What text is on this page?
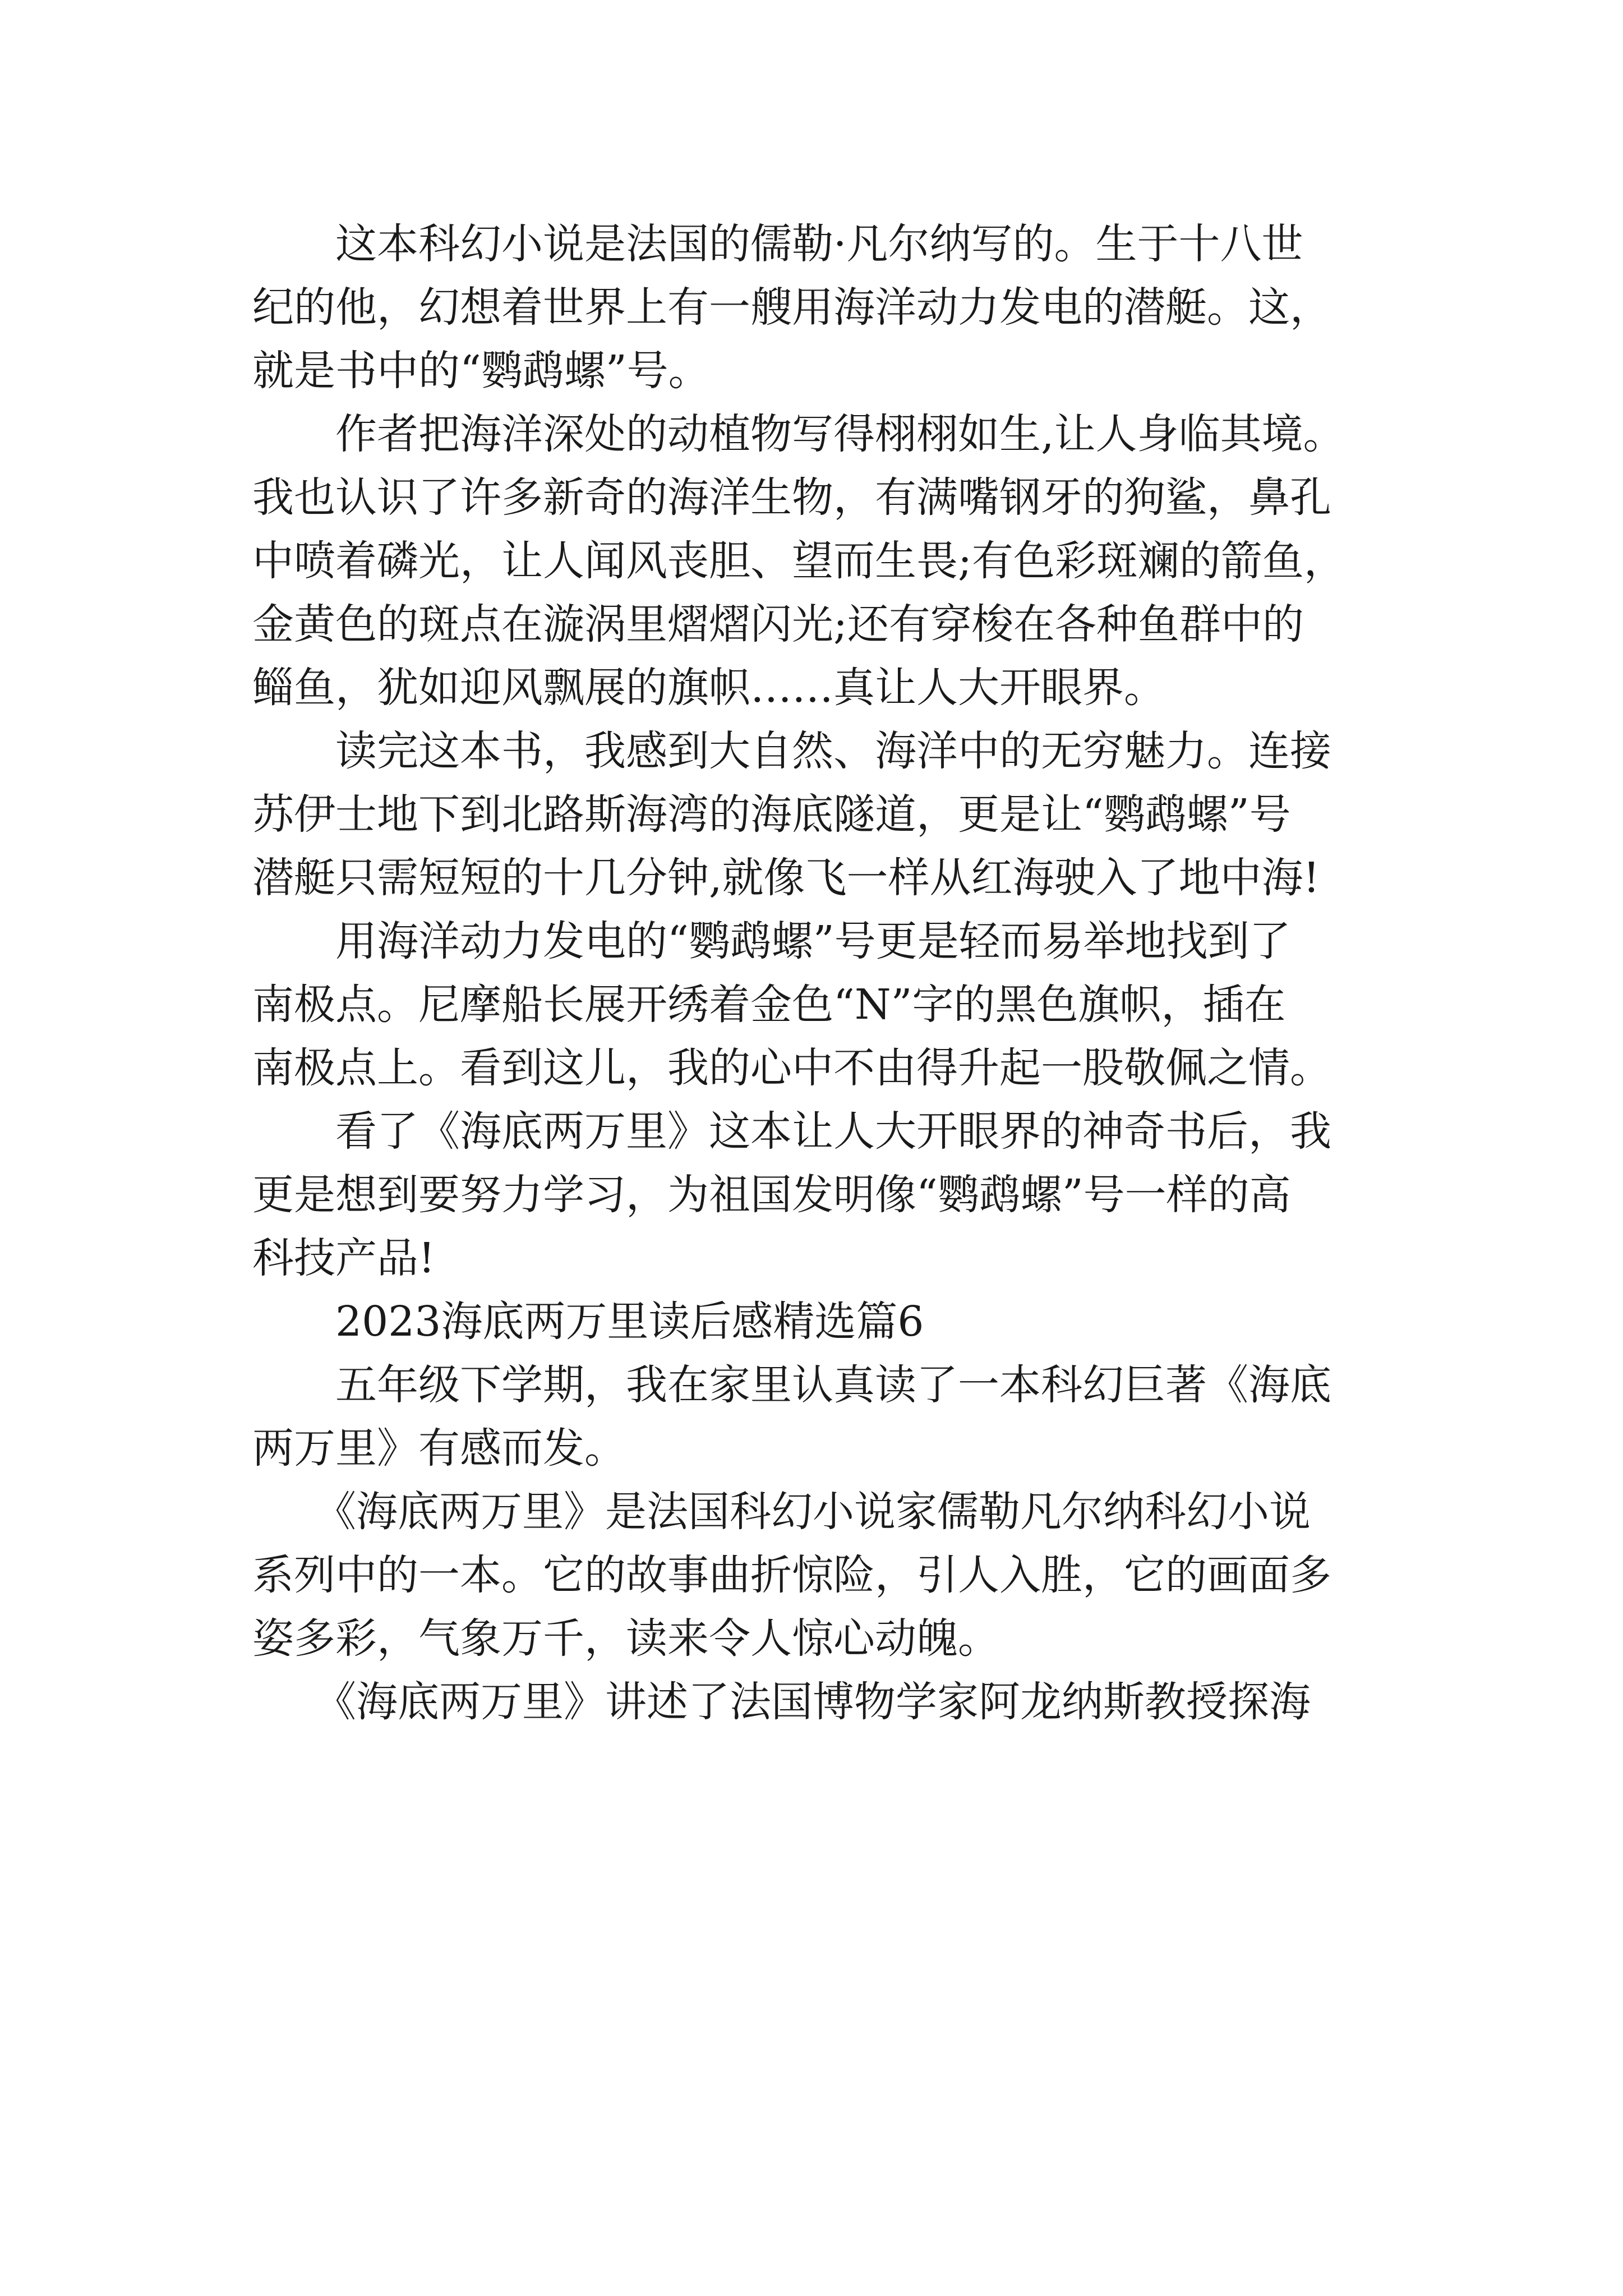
　　这本科幻小说是法国的儒勒·凡尔纳写的。生于十八世
纪的他，幻想着世界上有一艘用海洋动力发电的潜艇。这，
就是书中的“鹦鹉螺”号。
　　作者把海洋深处的动植物写得栩栩如生,让人身临其境。
我也认识了许多新奇的海洋生物，有满嘴钢牙的狗鲨，鼻孔
中喷着磷光，让人闻风丧胆、望而生畏;有色彩斑斓的箭鱼，
金黄色的斑点在漩涡里熠熠闪光;还有穿梭在各种鱼群中的
鲻鱼，犹如迎风飘展的旗帜……真让人大开眼界。
　　读完这本书，我感到大自然、海洋中的无穷魅力。连接
苏伊士地下到北路斯海湾的海底隧道，更是让“鹦鹉螺”号
潜艇只需短短的十几分钟,就像飞一样从红海驶入了地中海!
　　用海洋动力发电的“鹦鹉螺”号更是轻而易举地找到了
南极点。尼摩船长展开绣着金色“N”字的黑色旗帜，插在
南极点上。看到这儿，我的心中不由得升起一股敬佩之情。
　　看了《海底两万里》这本让人大开眼界的神奇书后，我
更是想到要努力学习，为祖国发明像“鹦鹉螺”号一样的高
科技产品!
　　2023海底两万里读后感精选篇6
　　五年级下学期，我在家里认真读了一本科幻巨著《海底
两万里》有感而发。
　　《海底两万里》是法国科幻小说家儒勒凡尔纳科幻小说
系列中的一本。它的故事曲折惊险，引人入胜，它的画面多
姿多彩，气象万千，读来令人惊心动魄。
　　《海底两万里》讲述了法国博物学家阿龙纳斯教授探海
